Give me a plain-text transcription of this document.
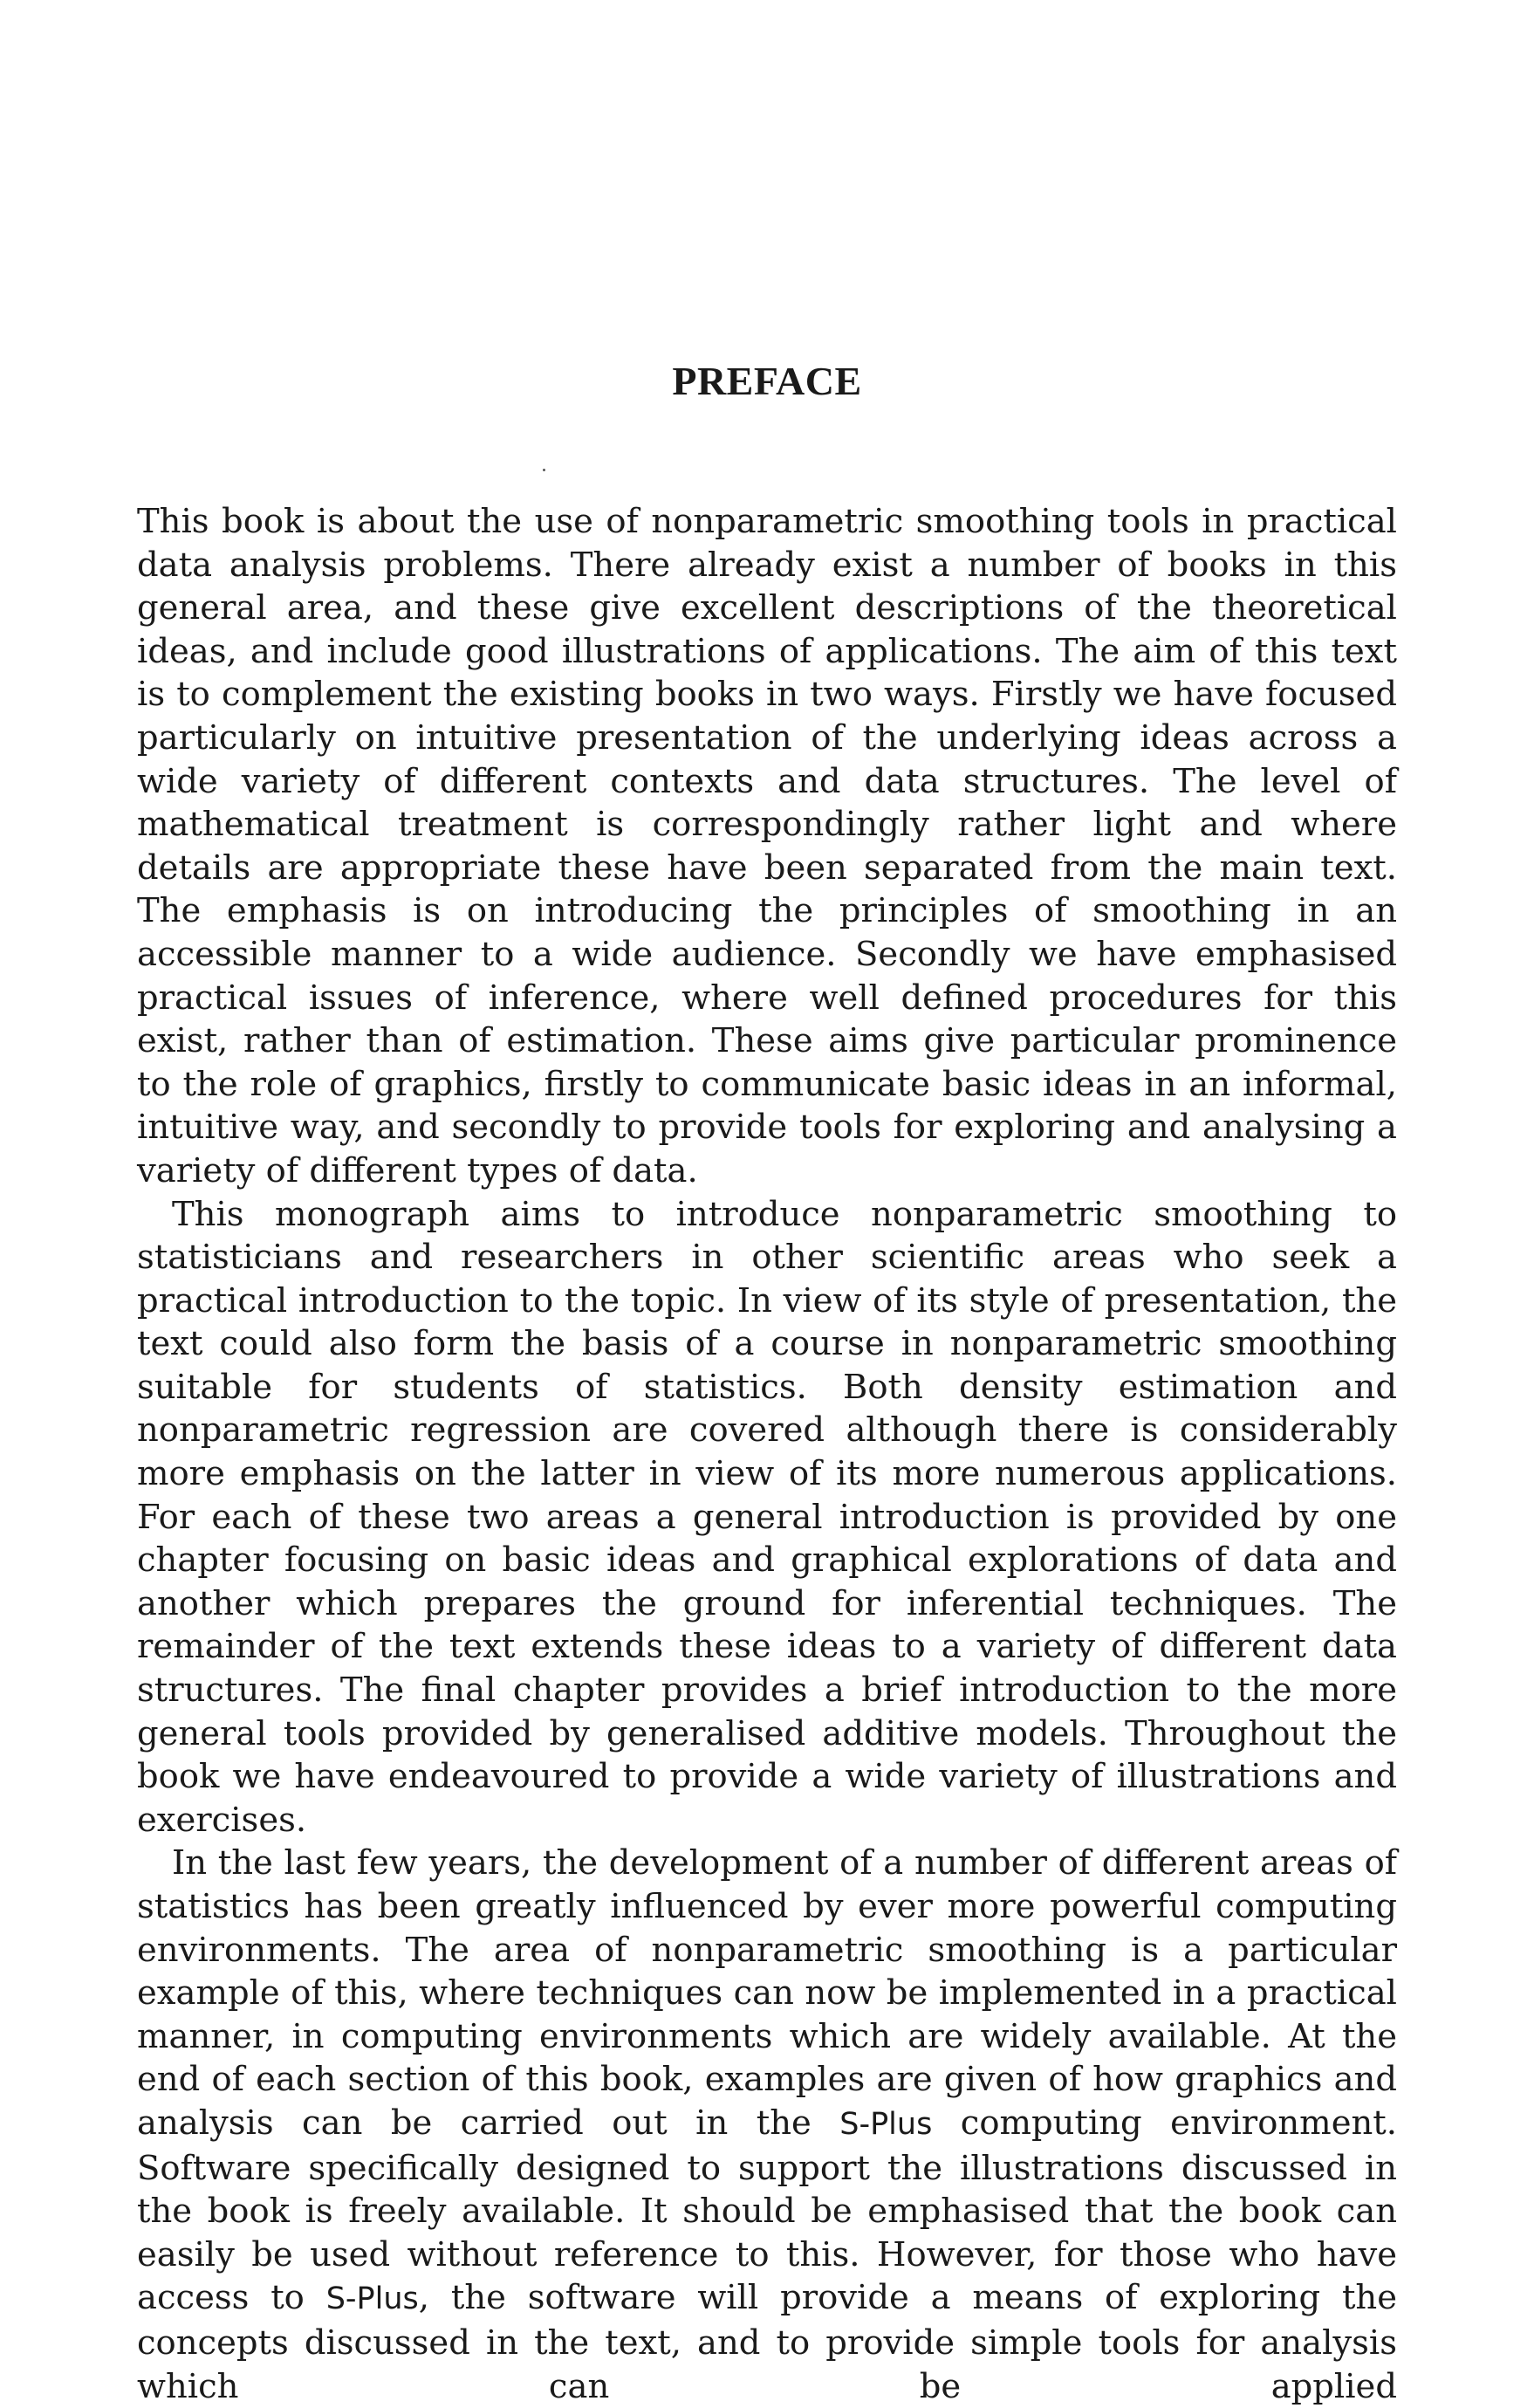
PREFACE

This book is about the use of nonparametric smoothing tools in practical data analysis problems. There already exist a number of books in this general area, and these give excellent descriptions of the theoretical ideas, and include good illustrations of applications. The aim of this text is to complement the existing books in two ways. Firstly we have focused particularly on intuitive presentation of the underlying ideas across a wide variety of different contexts and data structures. The level of mathematical treatment is correspondingly rather light and where details are appropriate these have been separated from the main text. The emphasis is on introducing the principles of smoothing in an accessible manner to a wide audience. Secondly we have emphasised practical issues of inference, where well defined procedures for this exist, rather than of estimation. These aims give particular prominence to the role of graphics, firstly to communicate basic ideas in an informal, intuitive way, and secondly to provide tools for exploring and analysing a variety of different types of data.

This monograph aims to introduce nonparametric smoothing to statisticians and researchers in other scientific areas who seek a practical introduction to the topic. In view of its style of presentation, the text could also form the basis of a course in nonparametric smoothing suitable for students of statistics. Both density estimation and nonparametric regression are covered although there is considerably more emphasis on the latter in view of its more numerous applications. For each of these two areas a general introduction is provided by one chapter focusing on basic ideas and graphical explorations of data and another which prepares the ground for inferential techniques. The remainder of the text extends these ideas to a variety of different data structures. The final chapter provides a brief introduction to the more general tools provided by generalised additive models. Throughout the book we have endeavoured to provide a wide variety of illustrations and exercises.

In the last few years, the development of a number of different areas of statistics has been greatly influenced by ever more powerful computing environments. The area of nonparametric smoothing is a particular example of this, where techniques can now be implemented in a practical manner, in computing environments which are widely available. At the end of each section of this book, examples are given of how graphics and analysis can be carried out in the S-Plus computing environment. Software specifically designed to support the illustrations discussed in the book is freely available. It should be emphasised that the book can easily be used without reference to this. However, for those who have access to S-Plus, the software will provide a means of exploring the concepts discussed in the text, and to provide simple tools for analysis which can be applied
